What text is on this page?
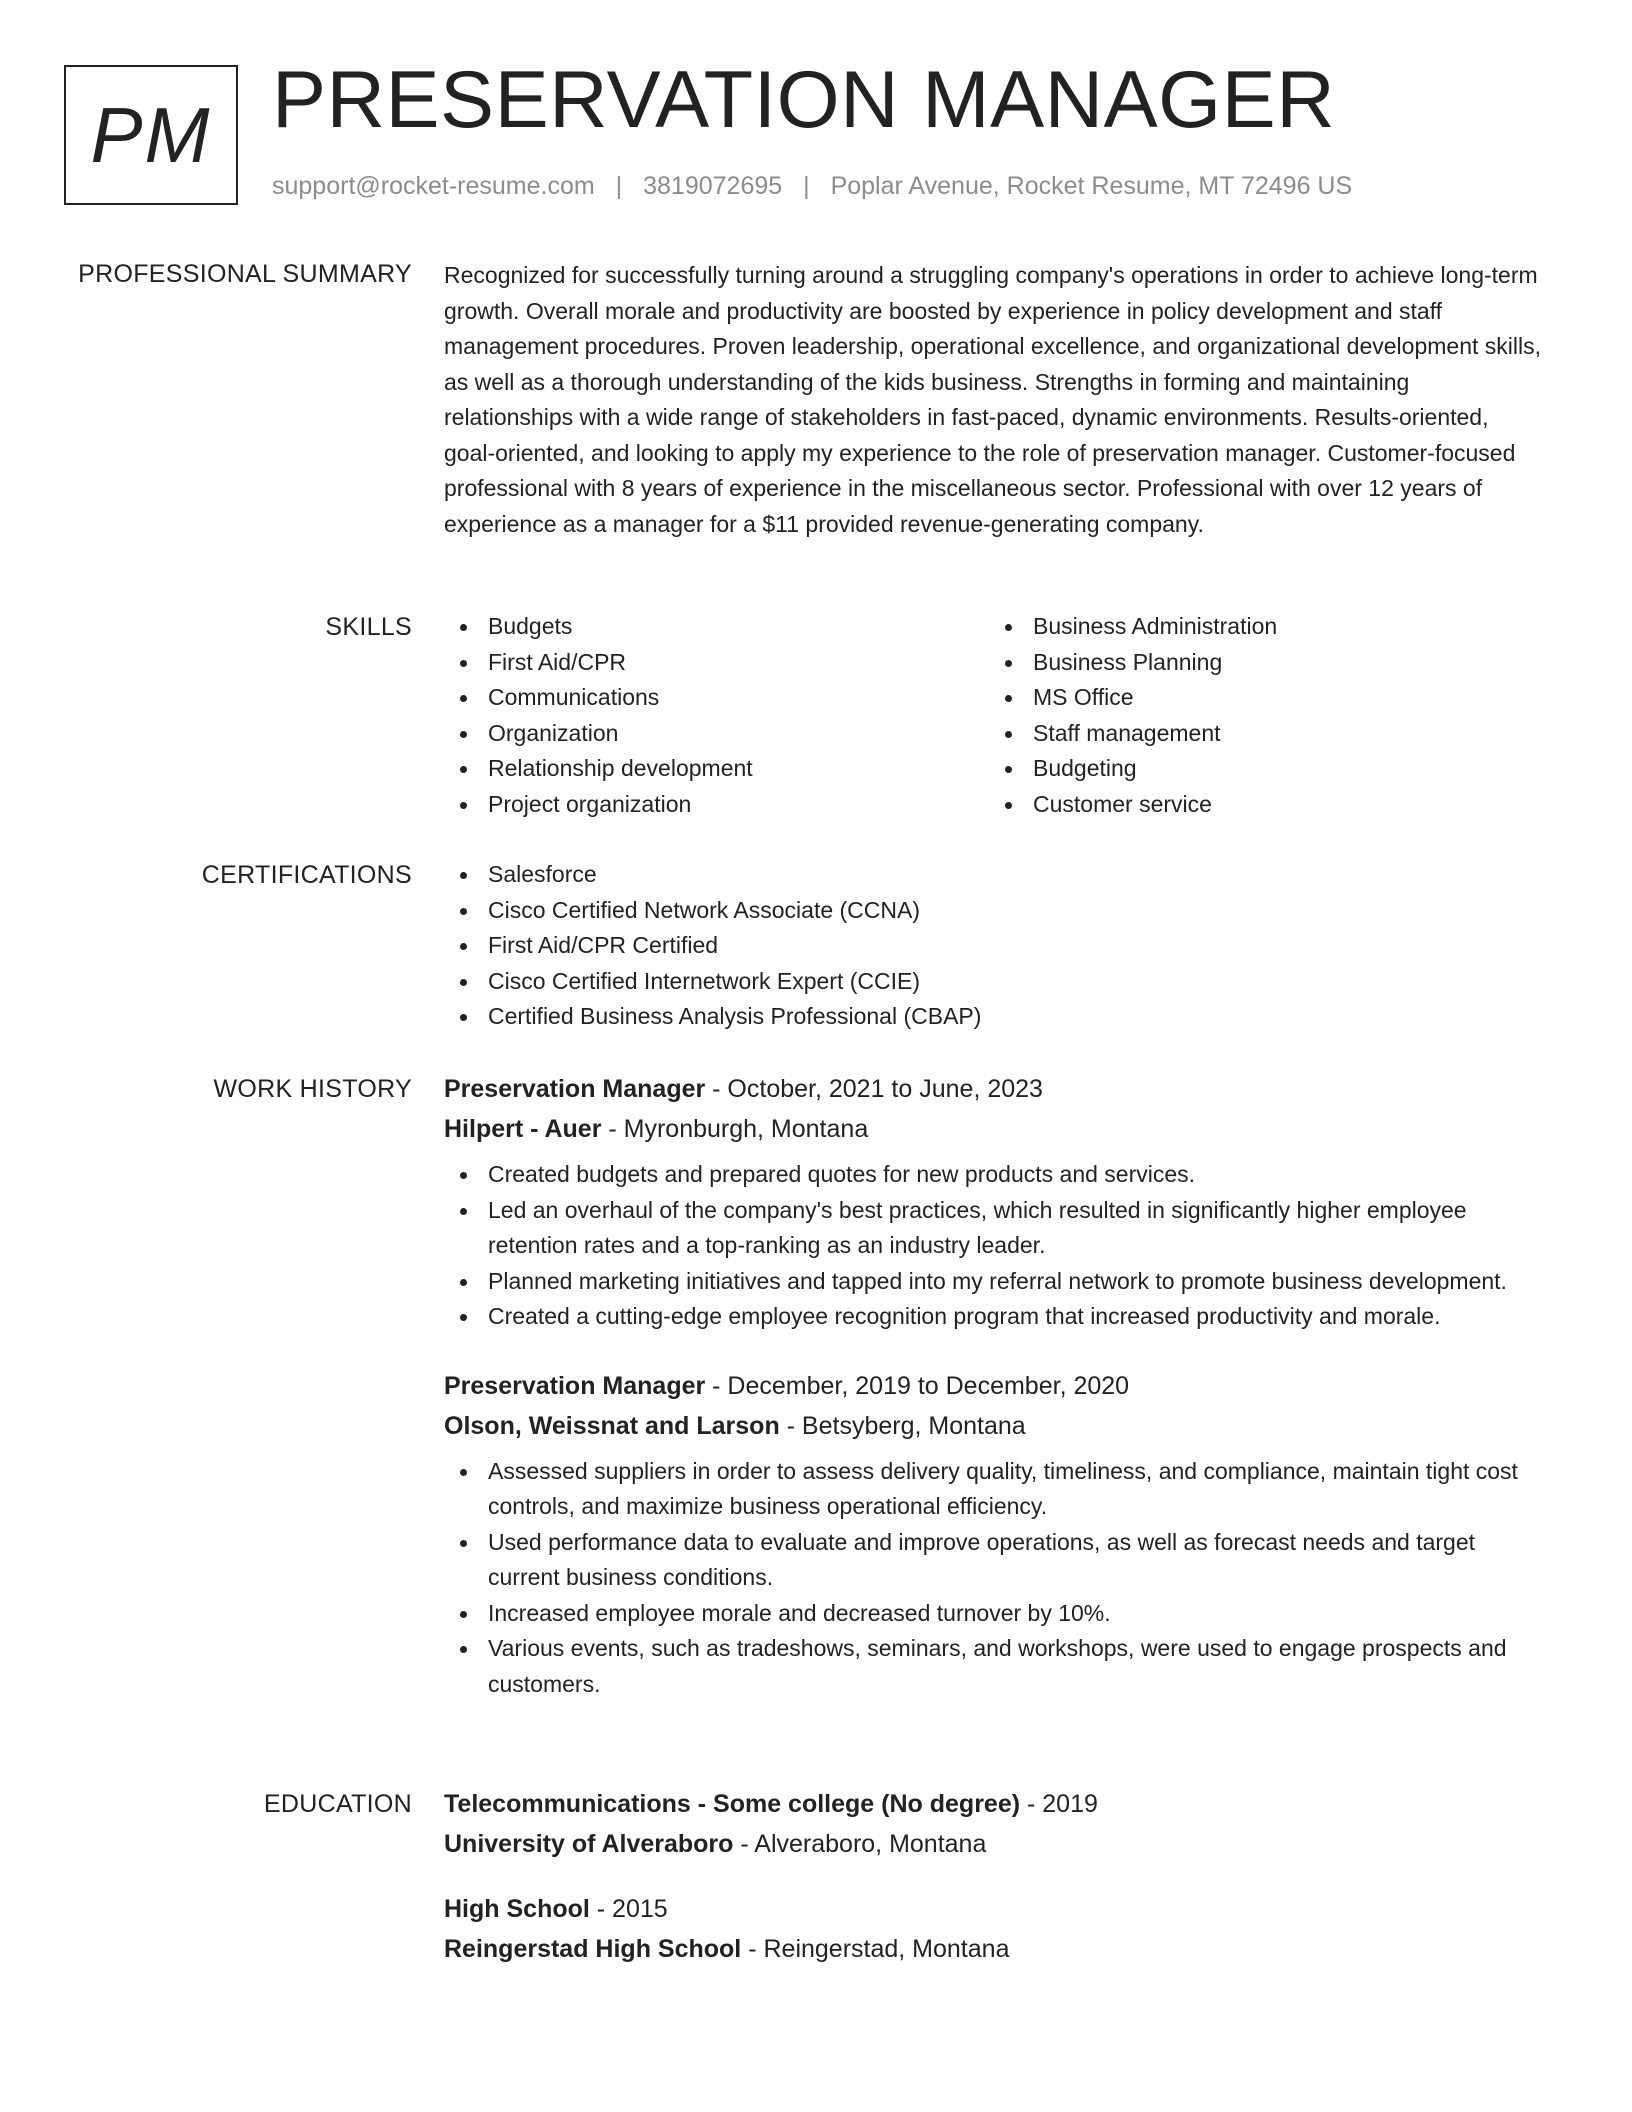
PM PRESERVATION MANAGER
support@rocket-resume.com | 3819072695 | Poplar Avenue, Rocket Resume, MT 72496 US
PROFESSIONAL SUMMARY Recognized for successfully turning around a struggling company's operations in order to achieve long-term growth. Overall morale and productivity are boosted by experience in policy development and staff management procedures. Proven leadership, operational excellence, and organizational development skills, as well as a thorough understanding of the kids business. Strengths in forming and maintaining relationships with a wide range of stakeholders in fast-paced, dynamic environments. Results-oriented, goal-oriented, and looking to apply my experience to the role of preservation manager. Customer-focused professional with 8 years of experience in the miscellaneous sector. Professional with over 12 years of experience as a manager for a $11 provided revenue-generating company.

SKILLS	Budgets
First Aid/CPR
Communications
Organization
Relationship development
Project organization
Business Administration
Business Planning
MS Office
Staff management
Budgeting
Customer service
CERTIFICATIONS	Salesforce
Cisco Certified Network Associate (CCNA)
First Aid/CPR Certified
Cisco Certified Internetwork Expert (CCIE)
Certified Business Analysis Professional (CBAP)
WORK HISTORY Preservation Manager - October, 2021 to June, 2023
Hilpert - Auer - Myronburgh, Montana
Created budgets and prepared quotes for new products and services.
Led an overhaul of the company's best practices, which resulted in significantly higher employee retention rates and a top-ranking as an industry leader.
Planned marketing initiatives and tapped into my referral network to promote business development.
Created a cutting-edge employee recognition program that increased productivity and morale.
Preservation Manager - December, 2019 to December, 2020
Olson, Weissnat and Larson - Betsyberg, Montana
Assessed suppliers in order to assess delivery quality, timeliness, and compliance, maintain tight cost controls, and maximize business operational efficiency.
Used performance data to evaluate and improve operations, as well as forecast needs and target current business conditions.
Increased employee morale and decreased turnover by 10%.
Various events, such as tradeshows, seminars, and workshops, were used to engage prospects and customers.
EDUCATION Telecommunications - Some college (No degree) - 2019
University of Alveraboro - Alveraboro, Montana
High School - 2015
Reingerstad High School - Reingerstad, Montana
